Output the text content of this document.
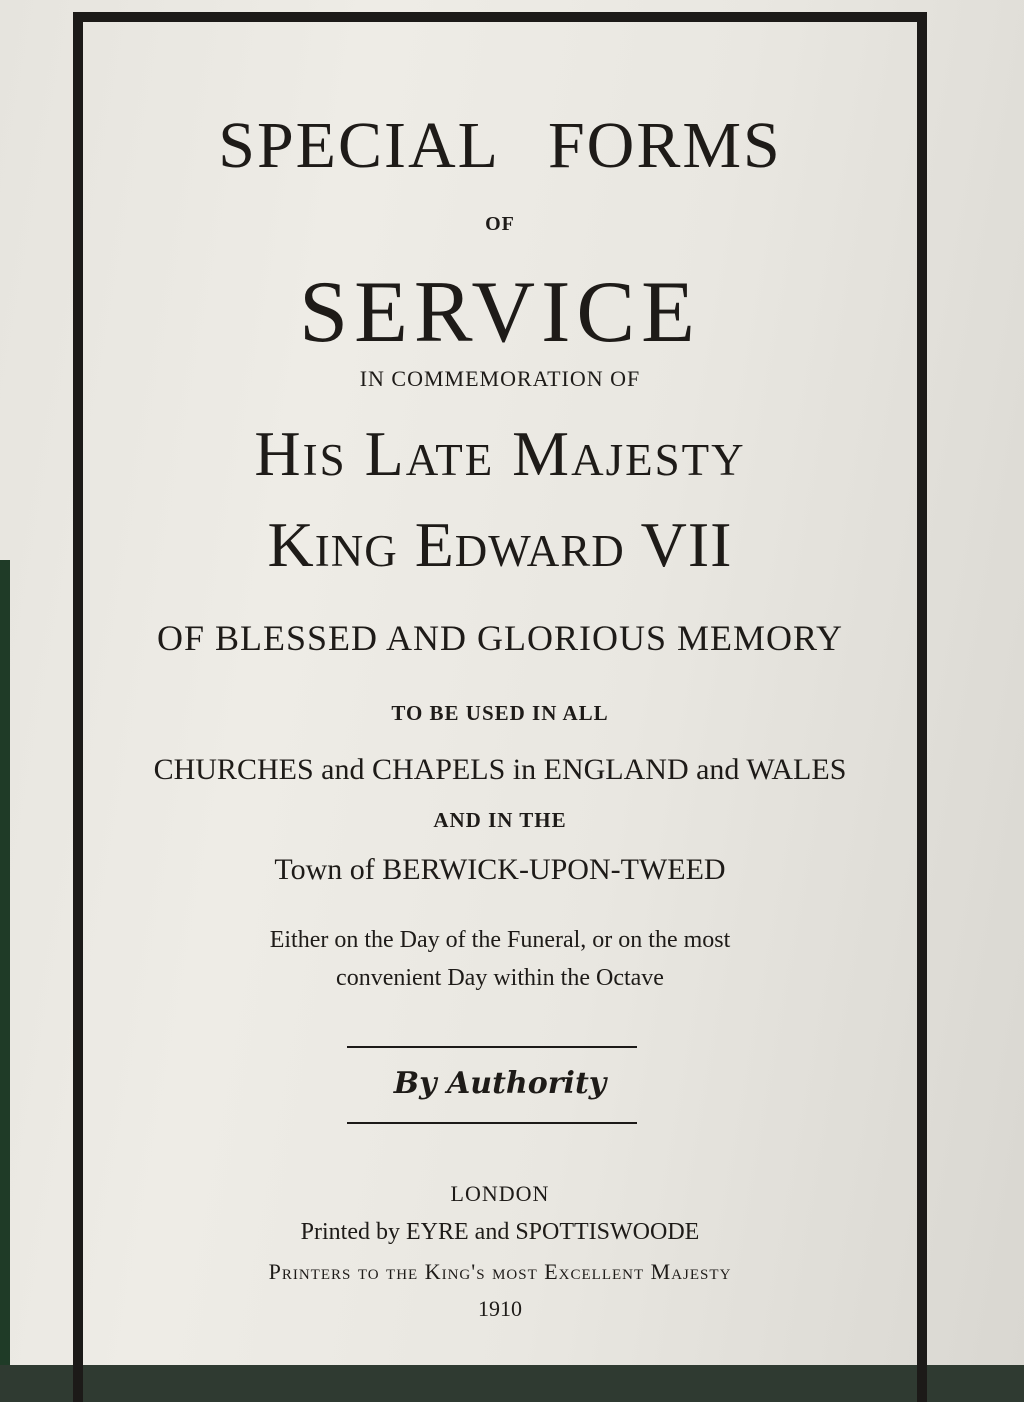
SPECIAL FORMS
OF
SERVICE
IN COMMEMORATION OF
His Late Majesty
King Edward VII
OF BLESSED AND GLORIOUS MEMORY
TO BE USED IN ALL
CHURCHES and CHAPELS in ENGLAND and WALES
AND IN THE
Town of BERWICK-UPON-TWEED
Either on the Day of the Funeral, or on the most
convenient Day within the Octave
By Authority
LONDON
Printed by EYRE and SPOTTISWOODE
Printers to the King's most Excellent Majesty
1910
